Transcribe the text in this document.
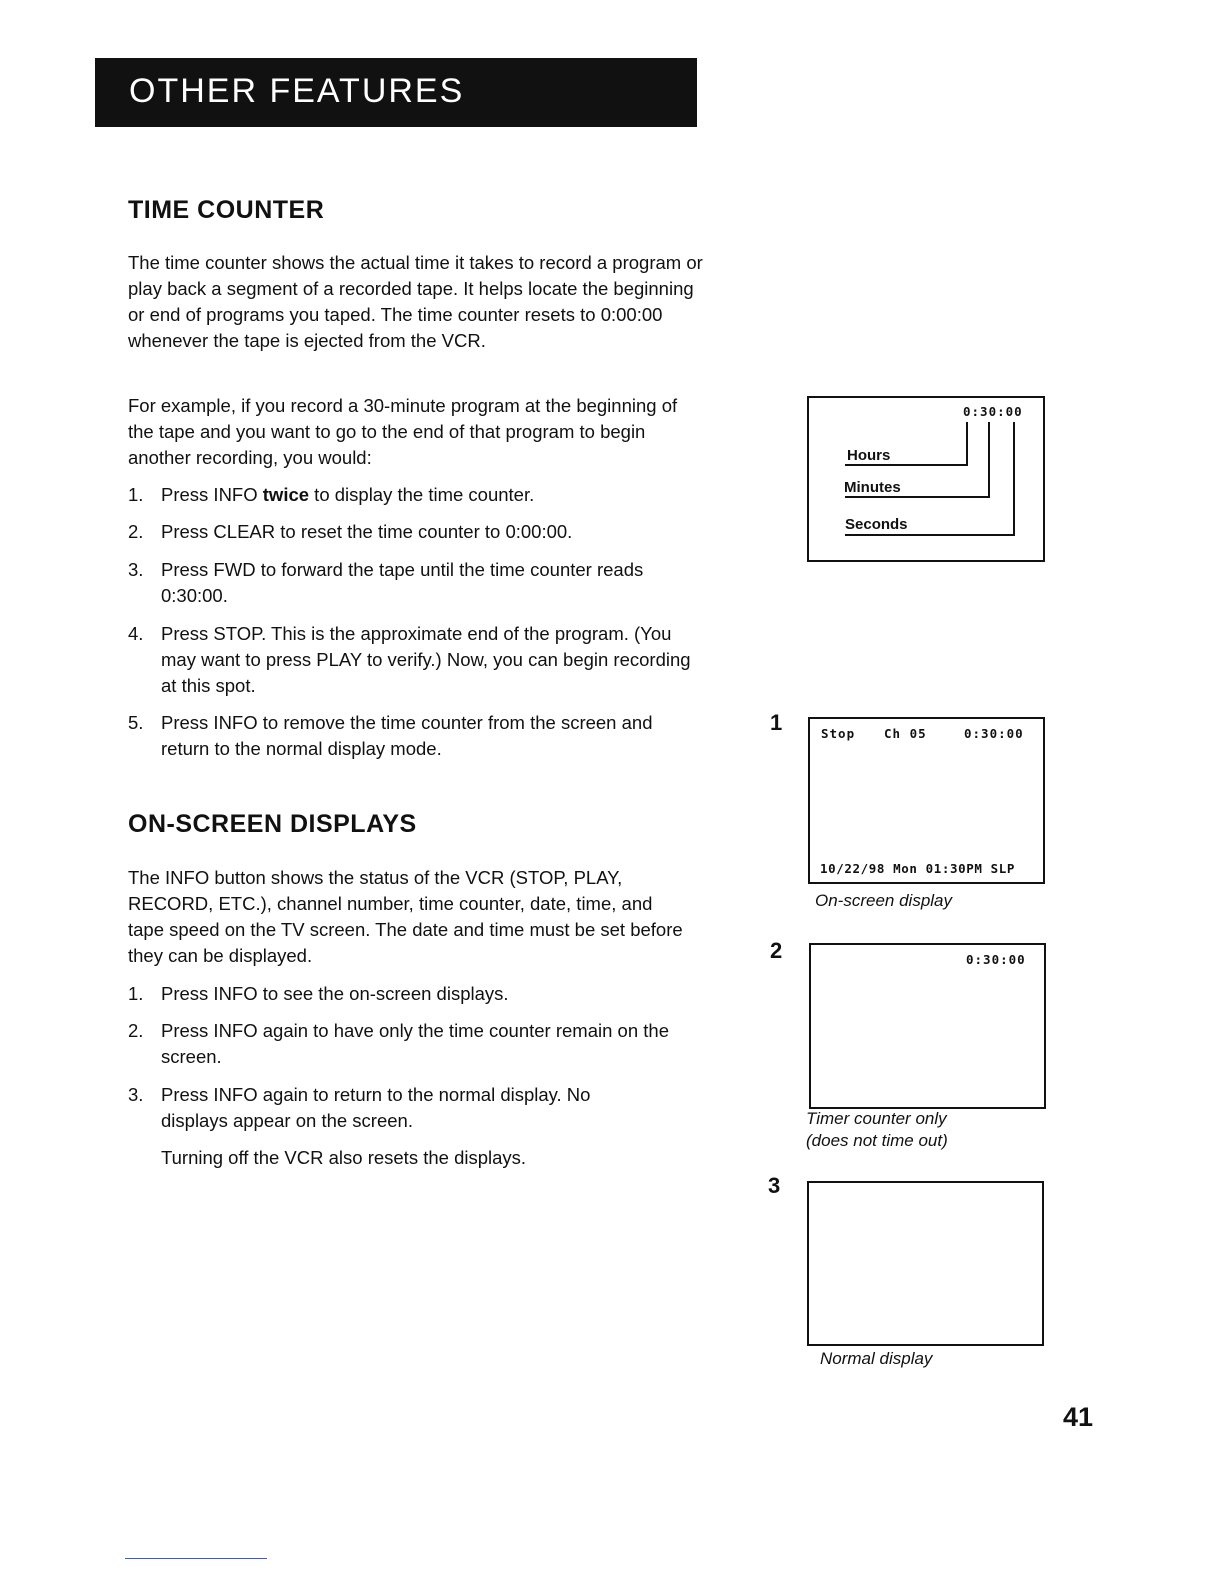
OTHER FEATURES
TIME COUNTER

The time counter shows the actual time it takes to record a program or play back a segment of a recorded tape. It helps locate the beginning or end of programs you taped. The time counter resets to 0:00:00 whenever the tape is ejected from the VCR.

For example, if you record a 30-minute program at the beginning of the tape and you want to go to the end of that program to begin another recording, you would:

1. Press INFO twice to display the time counter.
2. Press CLEAR to reset the time counter to 0:00:00.
3. Press FWD to forward the tape until the time counter reads 0:30:00.
4. Press STOP. This is the approximate end of the program. (You may want to press PLAY to verify.) Now, you can begin recording at this spot.
5. Press INFO to remove the time counter from the screen and return to the normal display mode.
ON-SCREEN DISPLAYS

The INFO button shows the status of the VCR (STOP, PLAY, RECORD, ETC.), channel number, time counter, date, time, and tape speed on the TV screen. The date and time must be set before they can be displayed.

1. Press INFO to see the on-screen displays.
2. Press INFO again to have only the time counter remain on the screen.
3. Press INFO again to return to the normal display. No displays appear on the screen.
Turning off the VCR also resets the displays.
0:30:00
Hours
Minutes
Seconds
1	Stop Ch 05	0:30:00
10/22/98 Mon 01:30PM SLP
On-screen display
2	0:30:00
Timer counter only
(does not time out)
3
Normal display
41
